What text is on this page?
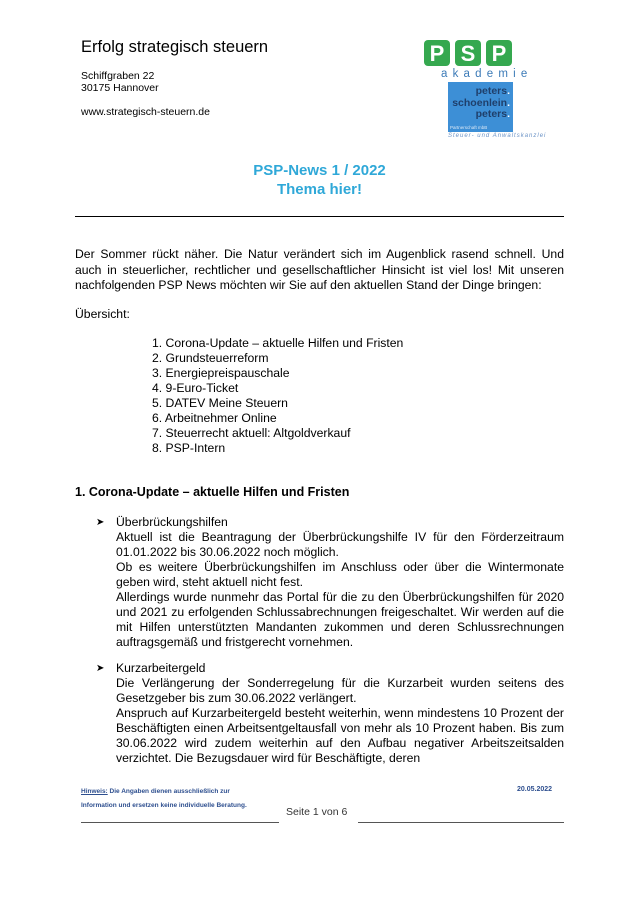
Erfolg strategisch steuern
Schiffgraben 22
30175 Hannover
www.strategisch-steuern.de
P S P
akademie
peters.
schoenlein.
peters.
Partnerschaft mbB
Steuer- und Anwaltskanzlei
PSP-News 1 / 2022
Thema hier!
Der Sommer rückt näher. Die Natur verändert sich im Augenblick rasend schnell. Und auch in steuerlicher, rechtlicher und gesellschaftlicher Hinsicht ist viel los! Mit unseren nachfolgenden PSP News möchten wir Sie auf den aktuellen Stand der Dinge bringen:
Übersicht:
1. Corona-Update – aktuelle Hilfen und Fristen
2. Grundsteuerreform
3. Energiepreispauschale
4. 9-Euro-Ticket
5. DATEV Meine Steuern
6. Arbeitnehmer Online
7. Steuerrecht aktuell: Altgoldverkauf
8. PSP-Intern
1. Corona-Update – aktuelle Hilfen und Fristen
➤ Überbrückungshilfen

Aktuell ist die Beantragung der Überbrückungshilfe IV für den Förderzeitraum 01.01.2022 bis 30.06.2022 noch möglich.

Ob es weitere Überbrückungshilfen im Anschluss oder über die Wintermonate geben wird, steht aktuell nicht fest.

Allerdings wurde nunmehr das Portal für die zu den Überbrückungshilfen für 2020 und 2021 zu erfolgenden Schlussabrechnungen freigeschaltet. Wir werden auf die mit Hilfen unterstützten Mandanten zukommen und deren Schlussrechnungen auftragsgemäß und fristgerecht vornehmen.

➤ Kurzarbeitergeld

Die Verlängerung der Sonderregelung für die Kurzarbeit wurden seitens des Gesetzgeber bis zum 30.06.2022 verlängert.

Anspruch auf Kurzarbeitergeld besteht weiterhin, wenn mindestens 10 Prozent der Beschäftigten einen Arbeitsentgeltausfall von mehr als 10 Prozent haben. Bis zum 30.06.2022 wird zudem weiterhin auf den Aufbau negativer Arbeitszeitsalden verzichtet. Die Bezugsdauer wird für Beschäftigte, deren

Hinweis: Die Angaben dienen ausschließlich zur Information und ersetzen keine individuelle Beratung.
20.05.2022
Seite 1 von 6
